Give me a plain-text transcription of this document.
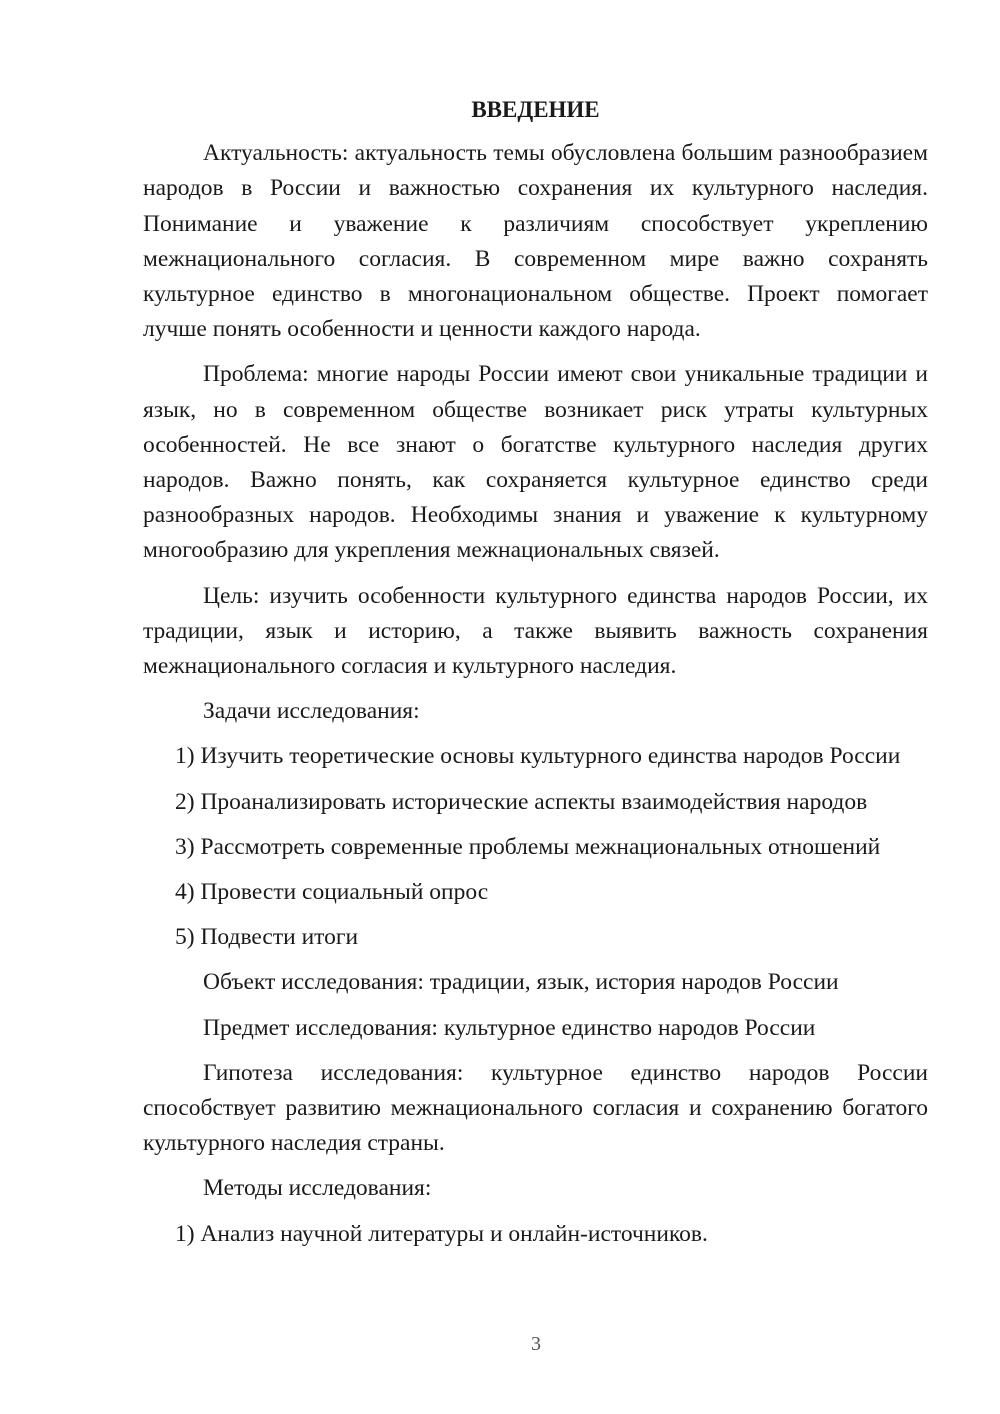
ВВЕДЕНИЕ

Актуальность: актуальность темы обусловлена большим разнообразием народов в России и важностью сохранения их культурного наследия. Понимание и уважение к различиям способствует укреплению межнационального согласия. В современном мире важно сохранять культурное единство в многонациональном обществе. Проект помогает лучше понять особенности и ценности каждого народа.

Проблема: многие народы России имеют свои уникальные традиции и язык, но в современном обществе возникает риск утраты культурных особенностей. Не все знают о богатстве культурного наследия других народов. Важно понять, как сохраняется культурное единство среди разнообразных народов. Необходимы знания и уважение к культурному многообразию для укрепления межнациональных связей.

Цель: изучить особенности культурного единства народов России, их традиции, язык и историю, а также выявить важность сохранения межнационального согласия и культурного наследия.

Задачи исследования:

1) Изучить теоретические основы культурного единства народов России

2) Проанализировать исторические аспекты взаимодействия народов

3) Рассмотреть современные проблемы межнациональных отношений

4) Провести социальный опрос

5) Подвести итоги

Объект исследования: традиции, язык, история народов России

Предмет исследования: культурное единство народов России

Гипотеза исследования: культурное единство народов России способствует развитию межнационального согласия и сохранению богатого культурного наследия страны.

Методы исследования:

1) Анализ научной литературы и онлайн-источников.

3
